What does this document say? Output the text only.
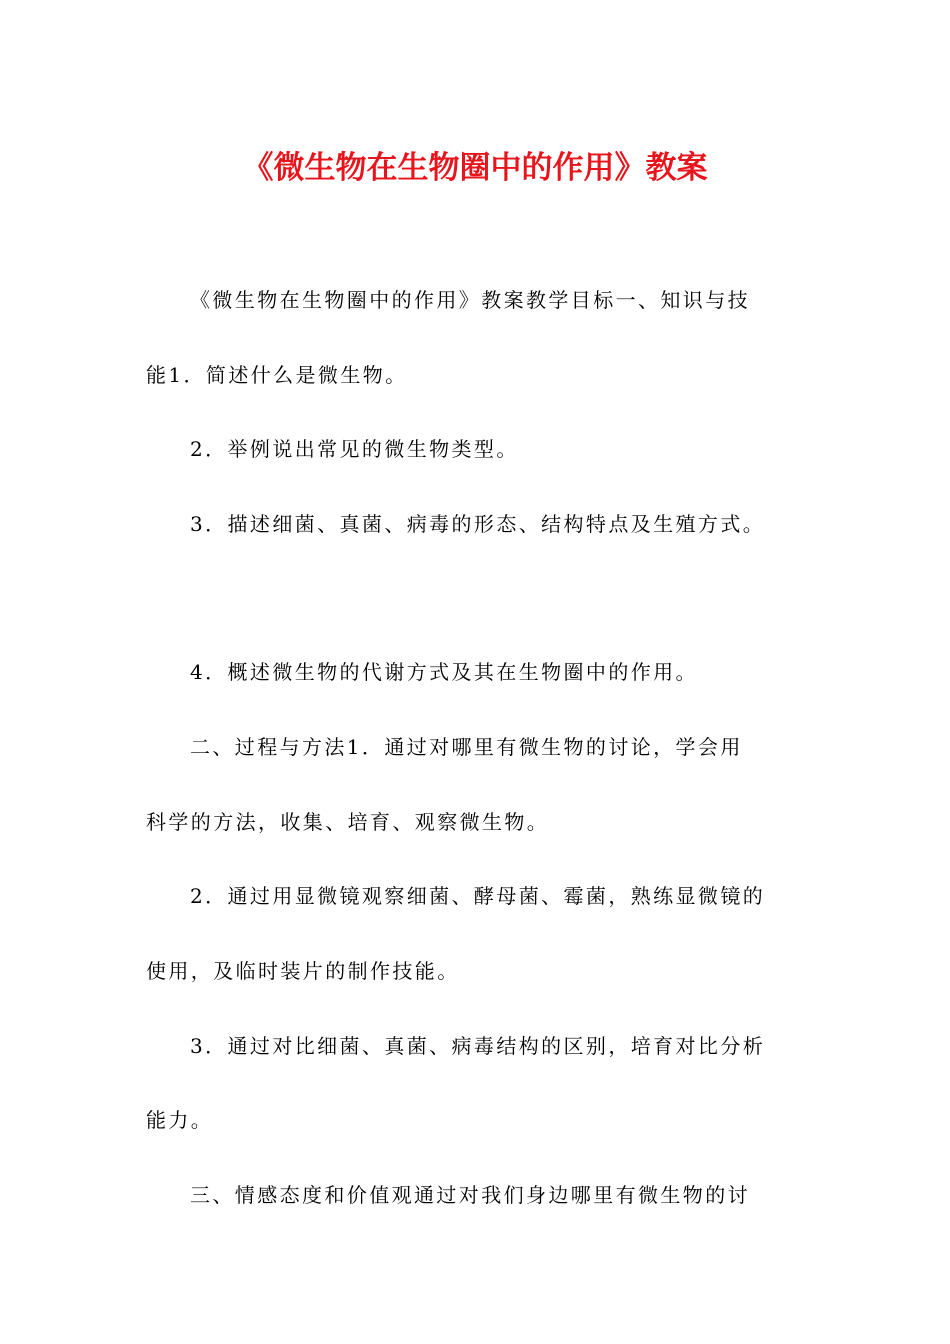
《微生物在生物圈中的作用》教案
《微生物在生物圈中的作用》教案教学目标一、知识与技
能1．简述什么是微生物。
2．举例说出常见的微生物类型。
3．描述细菌、真菌、病毒的形态、结构特点及生殖方式。
4．概述微生物的代谢方式及其在生物圈中的作用。
二、过程与方法1．通过对哪里有微生物的讨论，学会用
科学的方法，收集、培育、观察微生物。
2．通过用显微镜观察细菌、酵母菌、霉菌，熟练显微镜的
使用，及临时装片的制作技能。
3．通过对比细菌、真菌、病毒结构的区别，培育对比分析
能力。
三、情感态度和价值观通过对我们身边哪里有微生物的讨
